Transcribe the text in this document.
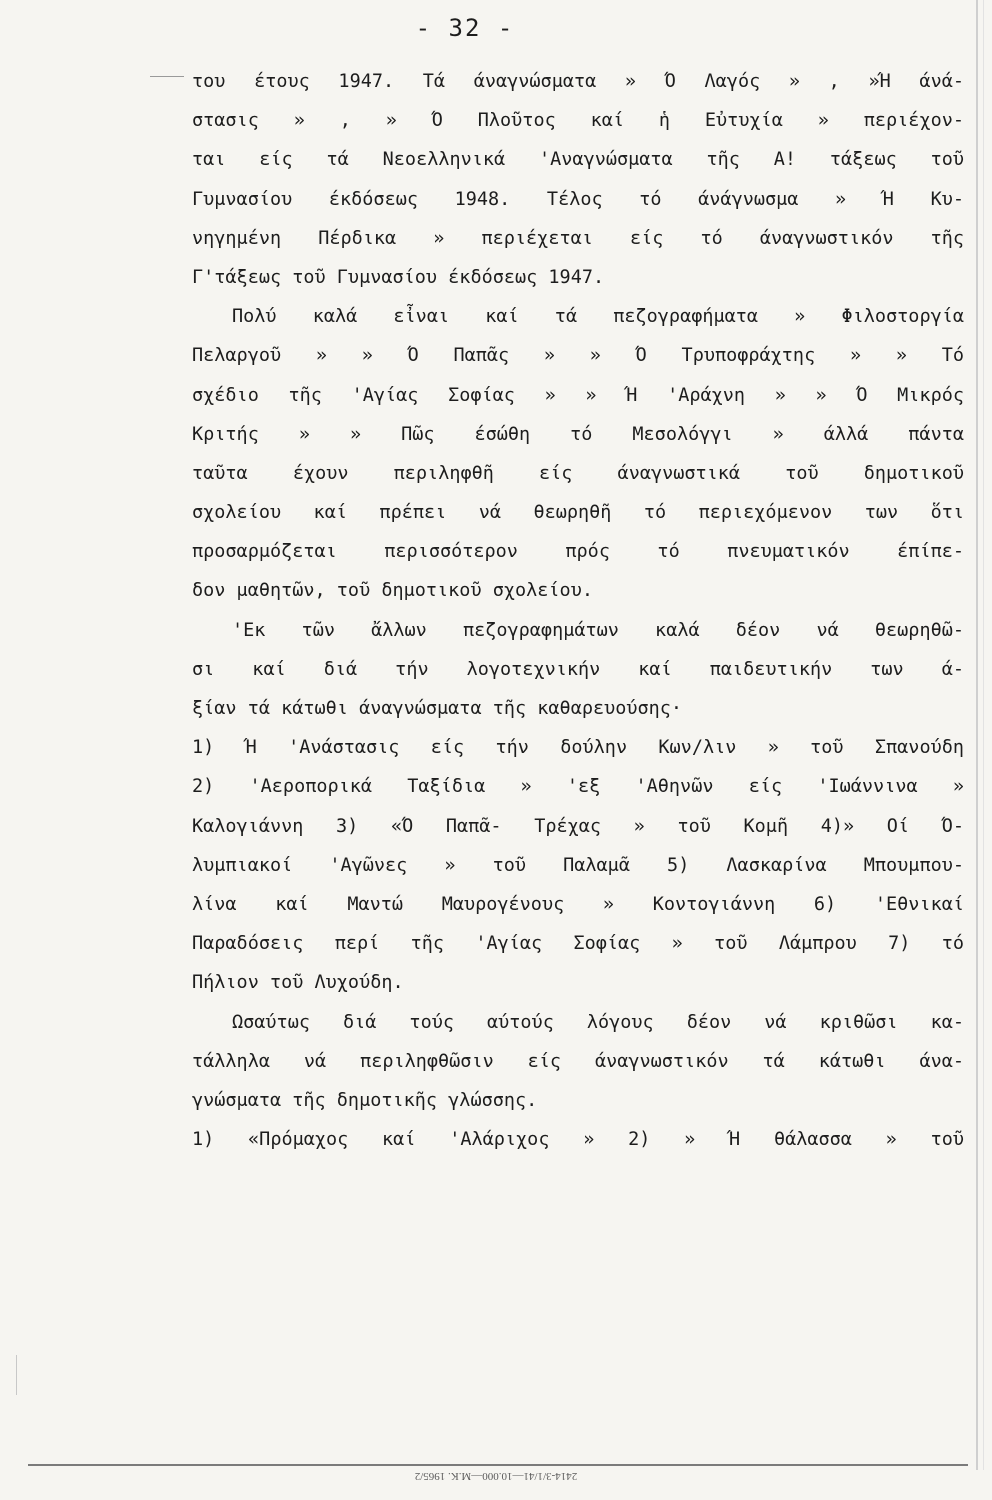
- 32 -
του έτους 1947. Τά άναγνώσματα » Ό Λαγός » , »Ή άνά-
στασις » , » Ό Πλοῦτος καί ἡ Εὐτυχία » περιέχον-
ται είς τά Νεοελληνικά 'Αναγνώσματα τῆς Α! τάξεως τοῦ
Γυμνασίου έκδόσεως 1948. Τέλος τό άνάγνωσμα » Ή Κυ-
νηγημένη Πέρδικα » περιέχεται είς τό άναγνωστικόν τῆς
Γ'τάξεως τοῦ Γυμνασίου έκδόσεως 1947.
Πολύ καλά εἶναι καί τά πεζογραφήματα » Φιλοστοργία
Πελαργοῦ » » Ό Παπᾶς » » Ό Τρυποφράχτης » » Τό
σχέδιο τῆς 'Αγίας Σοφίας » » Ή 'Αράχνη » » Ό Μικρός
Κριτής » » Πῶς έσώθη τό Μεσολόγγι » άλλά πάντα
ταῦτα έχουν περιληφθῆ είς άναγνωστικά τοῦ δημοτικοῦ
σχολείου καί πρέπει νά θεωρηθῆ τό περιεχόμενον των ὅτι
προσαρμόζεται περισσότερον πρός τό πνευματικόν έπίπε-
δον μαθητῶν, τοῦ δημοτικοῦ σχολείου.
'Εκ τῶν ἄλλων πεζογραφημάτων καλά δέον νά θεωρηθῶ-
σι καί διά τήν λογοτεχνικήν καί παιδευτικήν των ά-
ξίαν τά κάτωθι άναγνώσματα τῆς καθαρευούσης·
1) Ή 'Ανάστασις είς τήν δούλην Κων/λιν » τοῦ Σπανούδη
2) 'Αεροπορικά Ταξίδια » 'εξ 'Αθηνῶν είς 'Ιωάννινα »
Καλογιάννη 3) «Ό Παπᾶ- Τρέχας » τοῦ Κομῆ 4)» Οί Ό-
λυμπιακοί 'Αγῶνες » τοῦ Παλαμᾶ 5) Λασκαρίνα Μπουμπου-
λίνα καί Μαντώ Μαυρογένους » Κοντογιάννη 6) 'Εθνικαί
Παραδόσεις περί τῆς 'Αγίας Σοφίας » τοῦ Λάμπρου 7) τό
Πήλιον τοῦ Λυχούδη.
Ωσαύτως διά τούς αύτούς λόγους δέον νά κριθῶσι κα-
τάλληλα νά περιληφθῶσιν είς άναγνωστικόν τά κάτωθι άνα-
γνώσματα τῆς δημοτικῆς γλώσσης.
1) «Πρόμαχος καί 'Αλάριχος » 2) » Ή θάλασσα » τοῦ
2414-3/1/41—10.000—Μ.Κ. 1965/2
